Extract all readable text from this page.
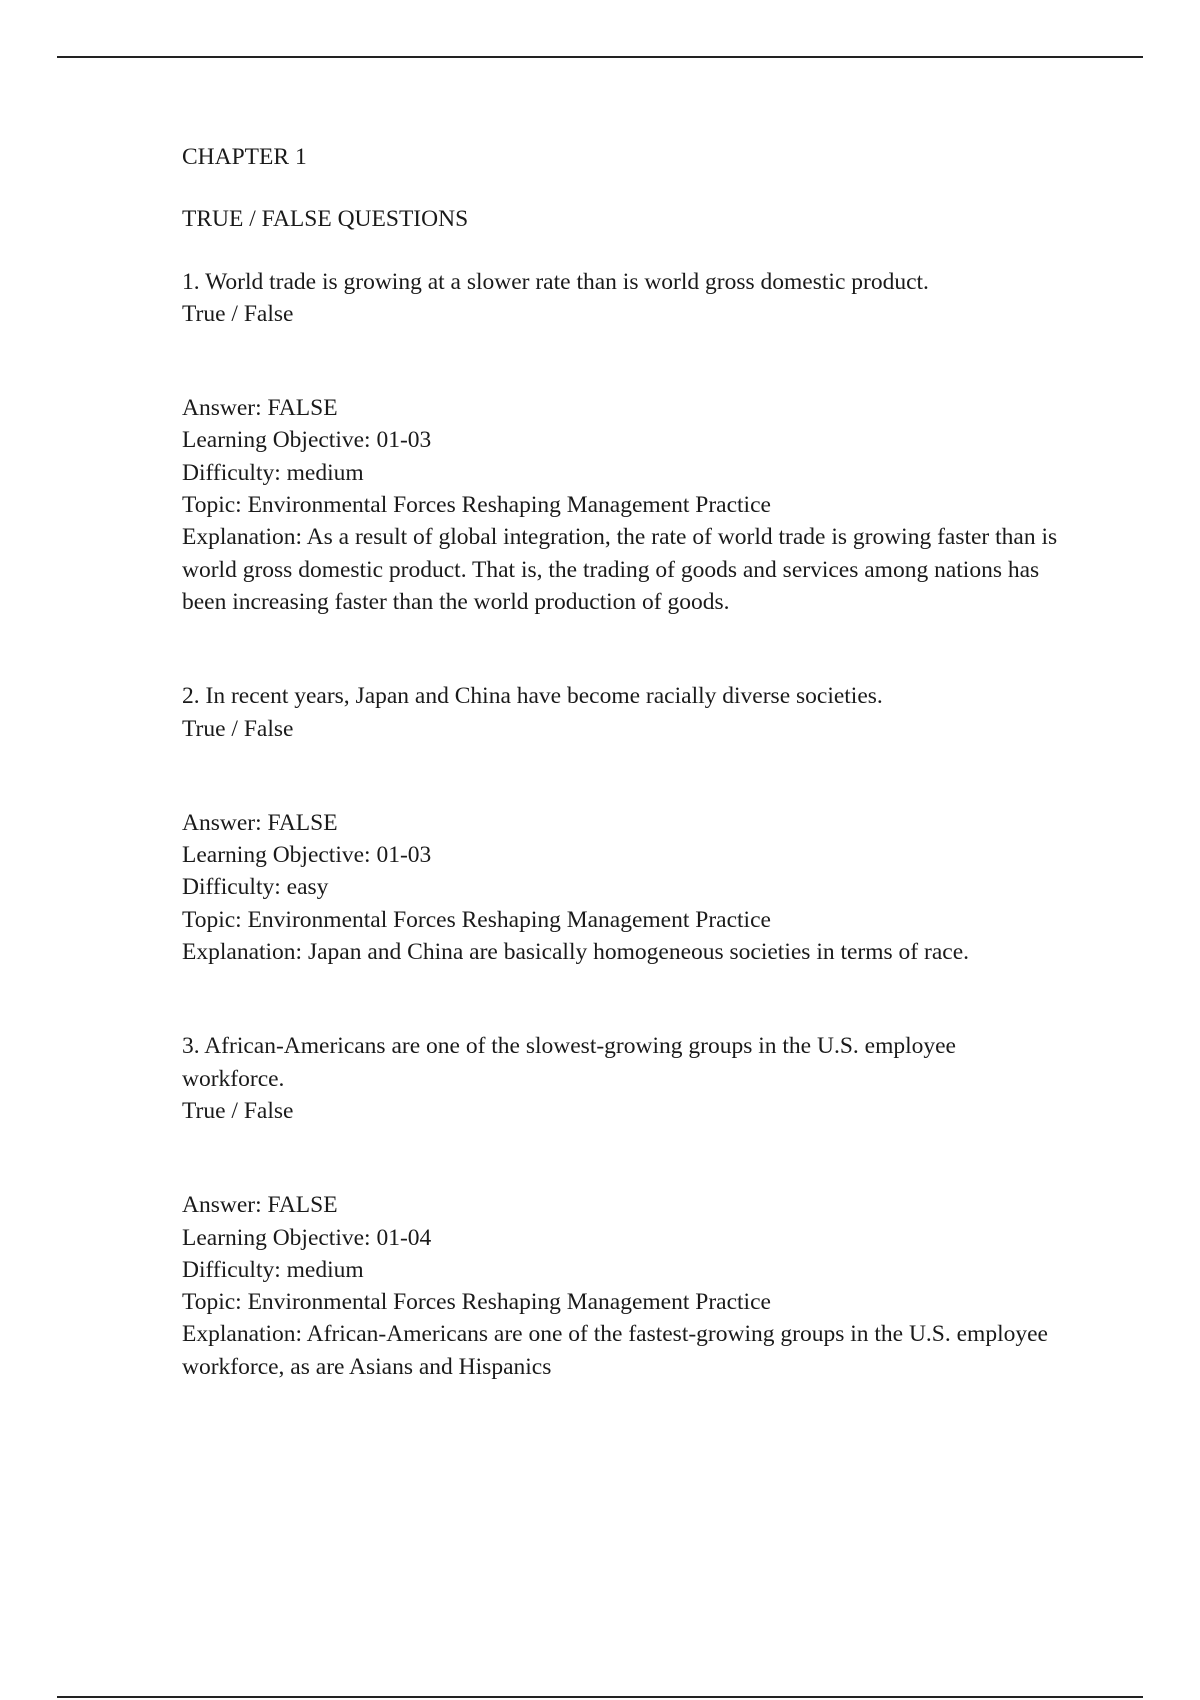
CHAPTER 1

TRUE / FALSE QUESTIONS

1. World trade is growing at a slower rate than is world gross domestic product.

True / False

Answer: FALSE

Learning Objective: 01-03

Difficulty: medium

Topic: Environmental Forces Reshaping Management Practice

Explanation: As a result of global integration, the rate of world trade is growing faster than is world gross domestic product. That is, the trading of goods and services among nations has been increasing faster than the world production of goods.

2. In recent years, Japan and China have become racially diverse societies.

True / False

Answer: FALSE

Learning Objective: 01-03

Difficulty: easy

Topic: Environmental Forces Reshaping Management Practice

Explanation: Japan and China are basically homogeneous societies in terms of race.

3. African-Americans are one of the slowest-growing groups in the U.S. employee workforce.

True / False

Answer: FALSE

Learning Objective: 01-04

Difficulty: medium

Topic: Environmental Forces Reshaping Management Practice

Explanation: African-Americans are one of the fastest-growing groups in the U.S. employee workforce, as are Asians and Hispanics
